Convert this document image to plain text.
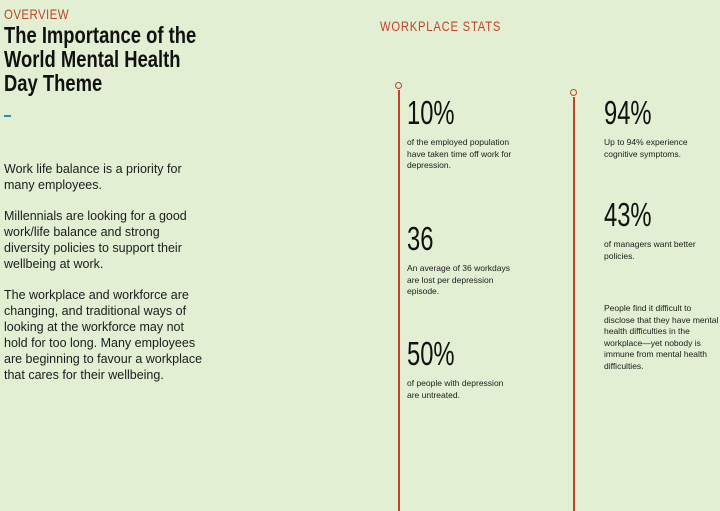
OVERVIEW
The Importance of the World Mental Health Day Theme

Work life balance is a priority for many employees.

Millennials are looking for a good work/life balance and strong diversity policies to support their wellbeing at work.

The workplace and workforce are changing, and traditional ways of looking at the workforce may not hold for too long. Many employees are beginning to favour a workplace that cares for their wellbeing.

WORKPLACE STATS
10%
of the employed population have taken time off work for depression.
36
An average of 36 workdays are lost per depression episode.
50%
of people with depression are untreated.
94%
Up to 94% experience cognitive symptoms.
43%
of managers want better policies.
People find it difficult to disclose that they have mental health difficulties in the workplace—yet nobody is immune from mental health difficulties.
